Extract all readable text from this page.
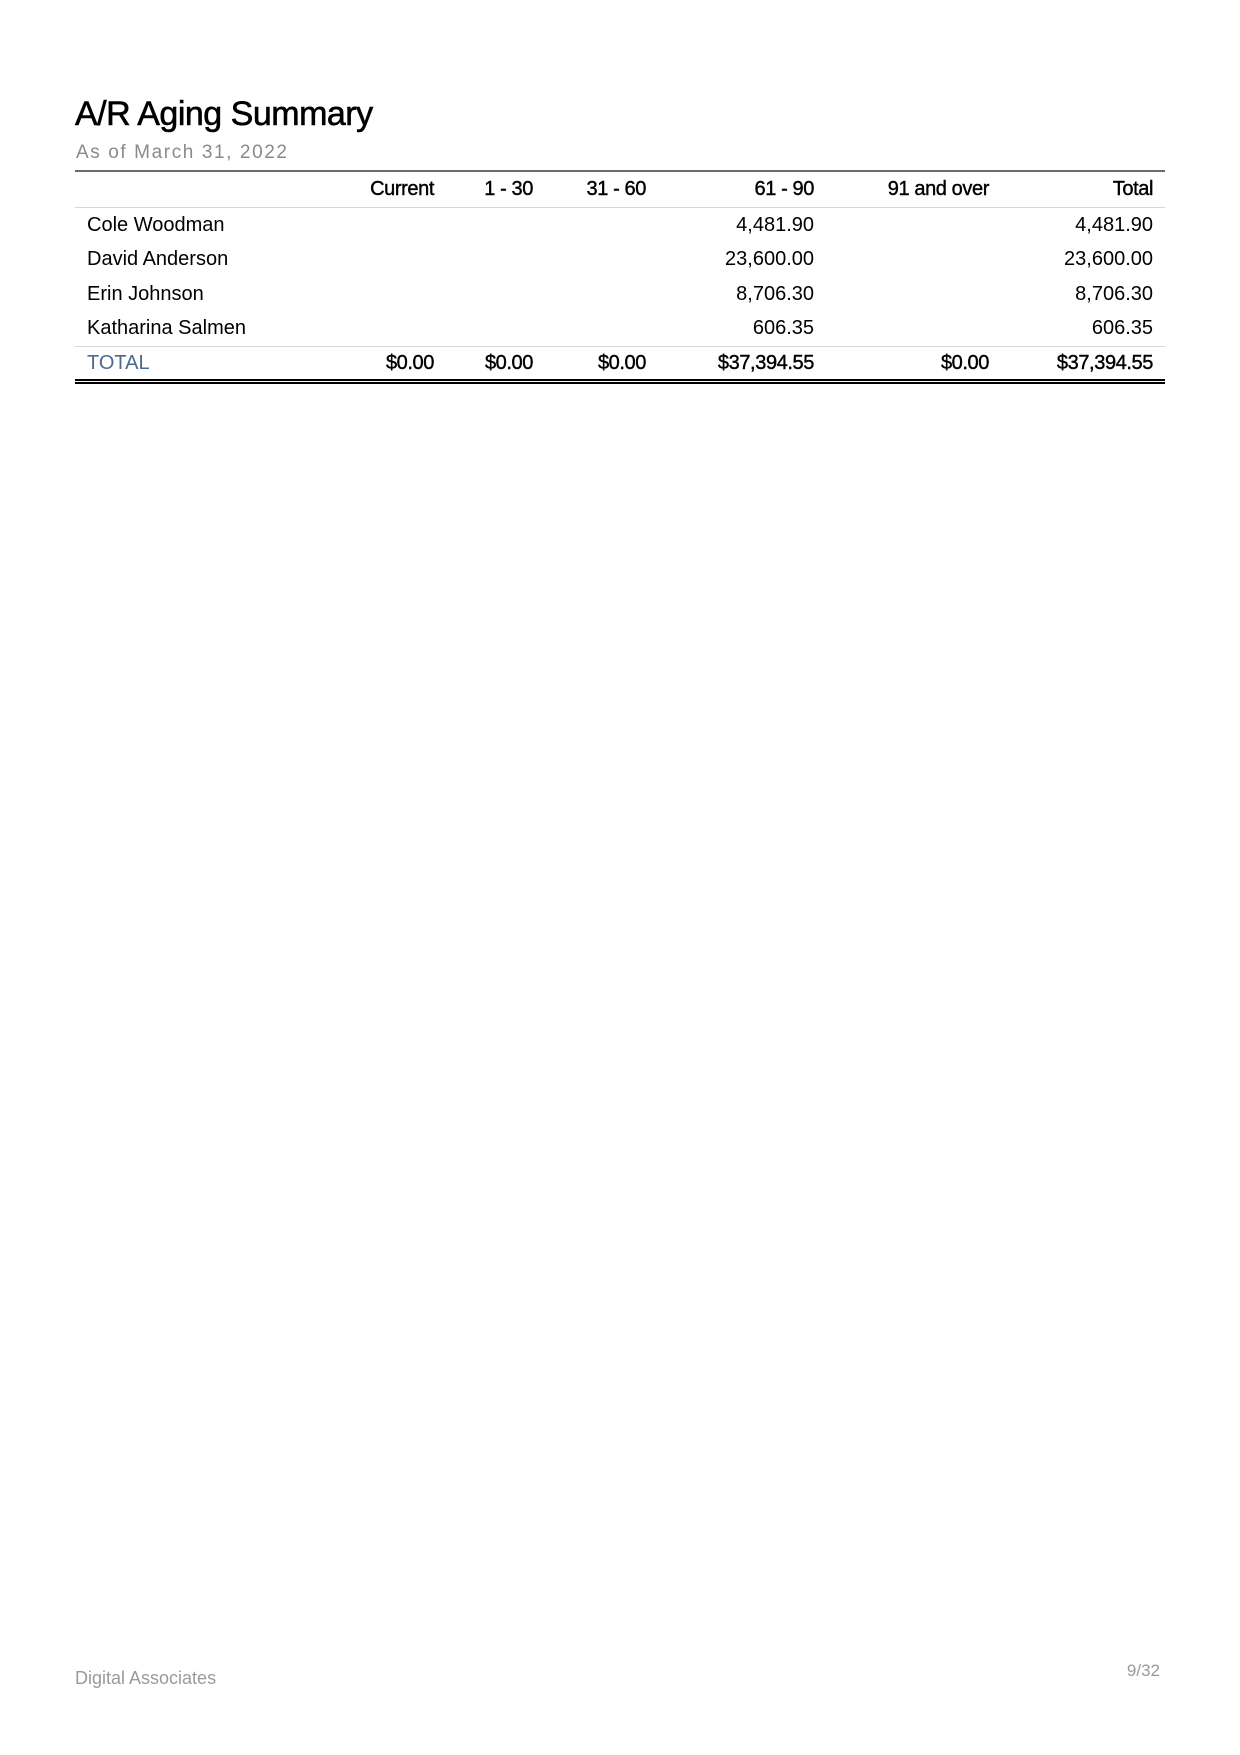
A/R Aging Summary
As of March 31, 2022
	Current	1 - 30	31 - 60	61 - 90	91 and over	Total
Cole Woodman				4,481.90		4,481.90
David Anderson				23,600.00		23,600.00
Erin Johnson				8,706.30		8,706.30
Katharina Salmen				606.35		606.35
TOTAL	$0.00	$0.00	$0.00	$37,394.55	$0.00	$37,394.55
Digital Associates	9/32
